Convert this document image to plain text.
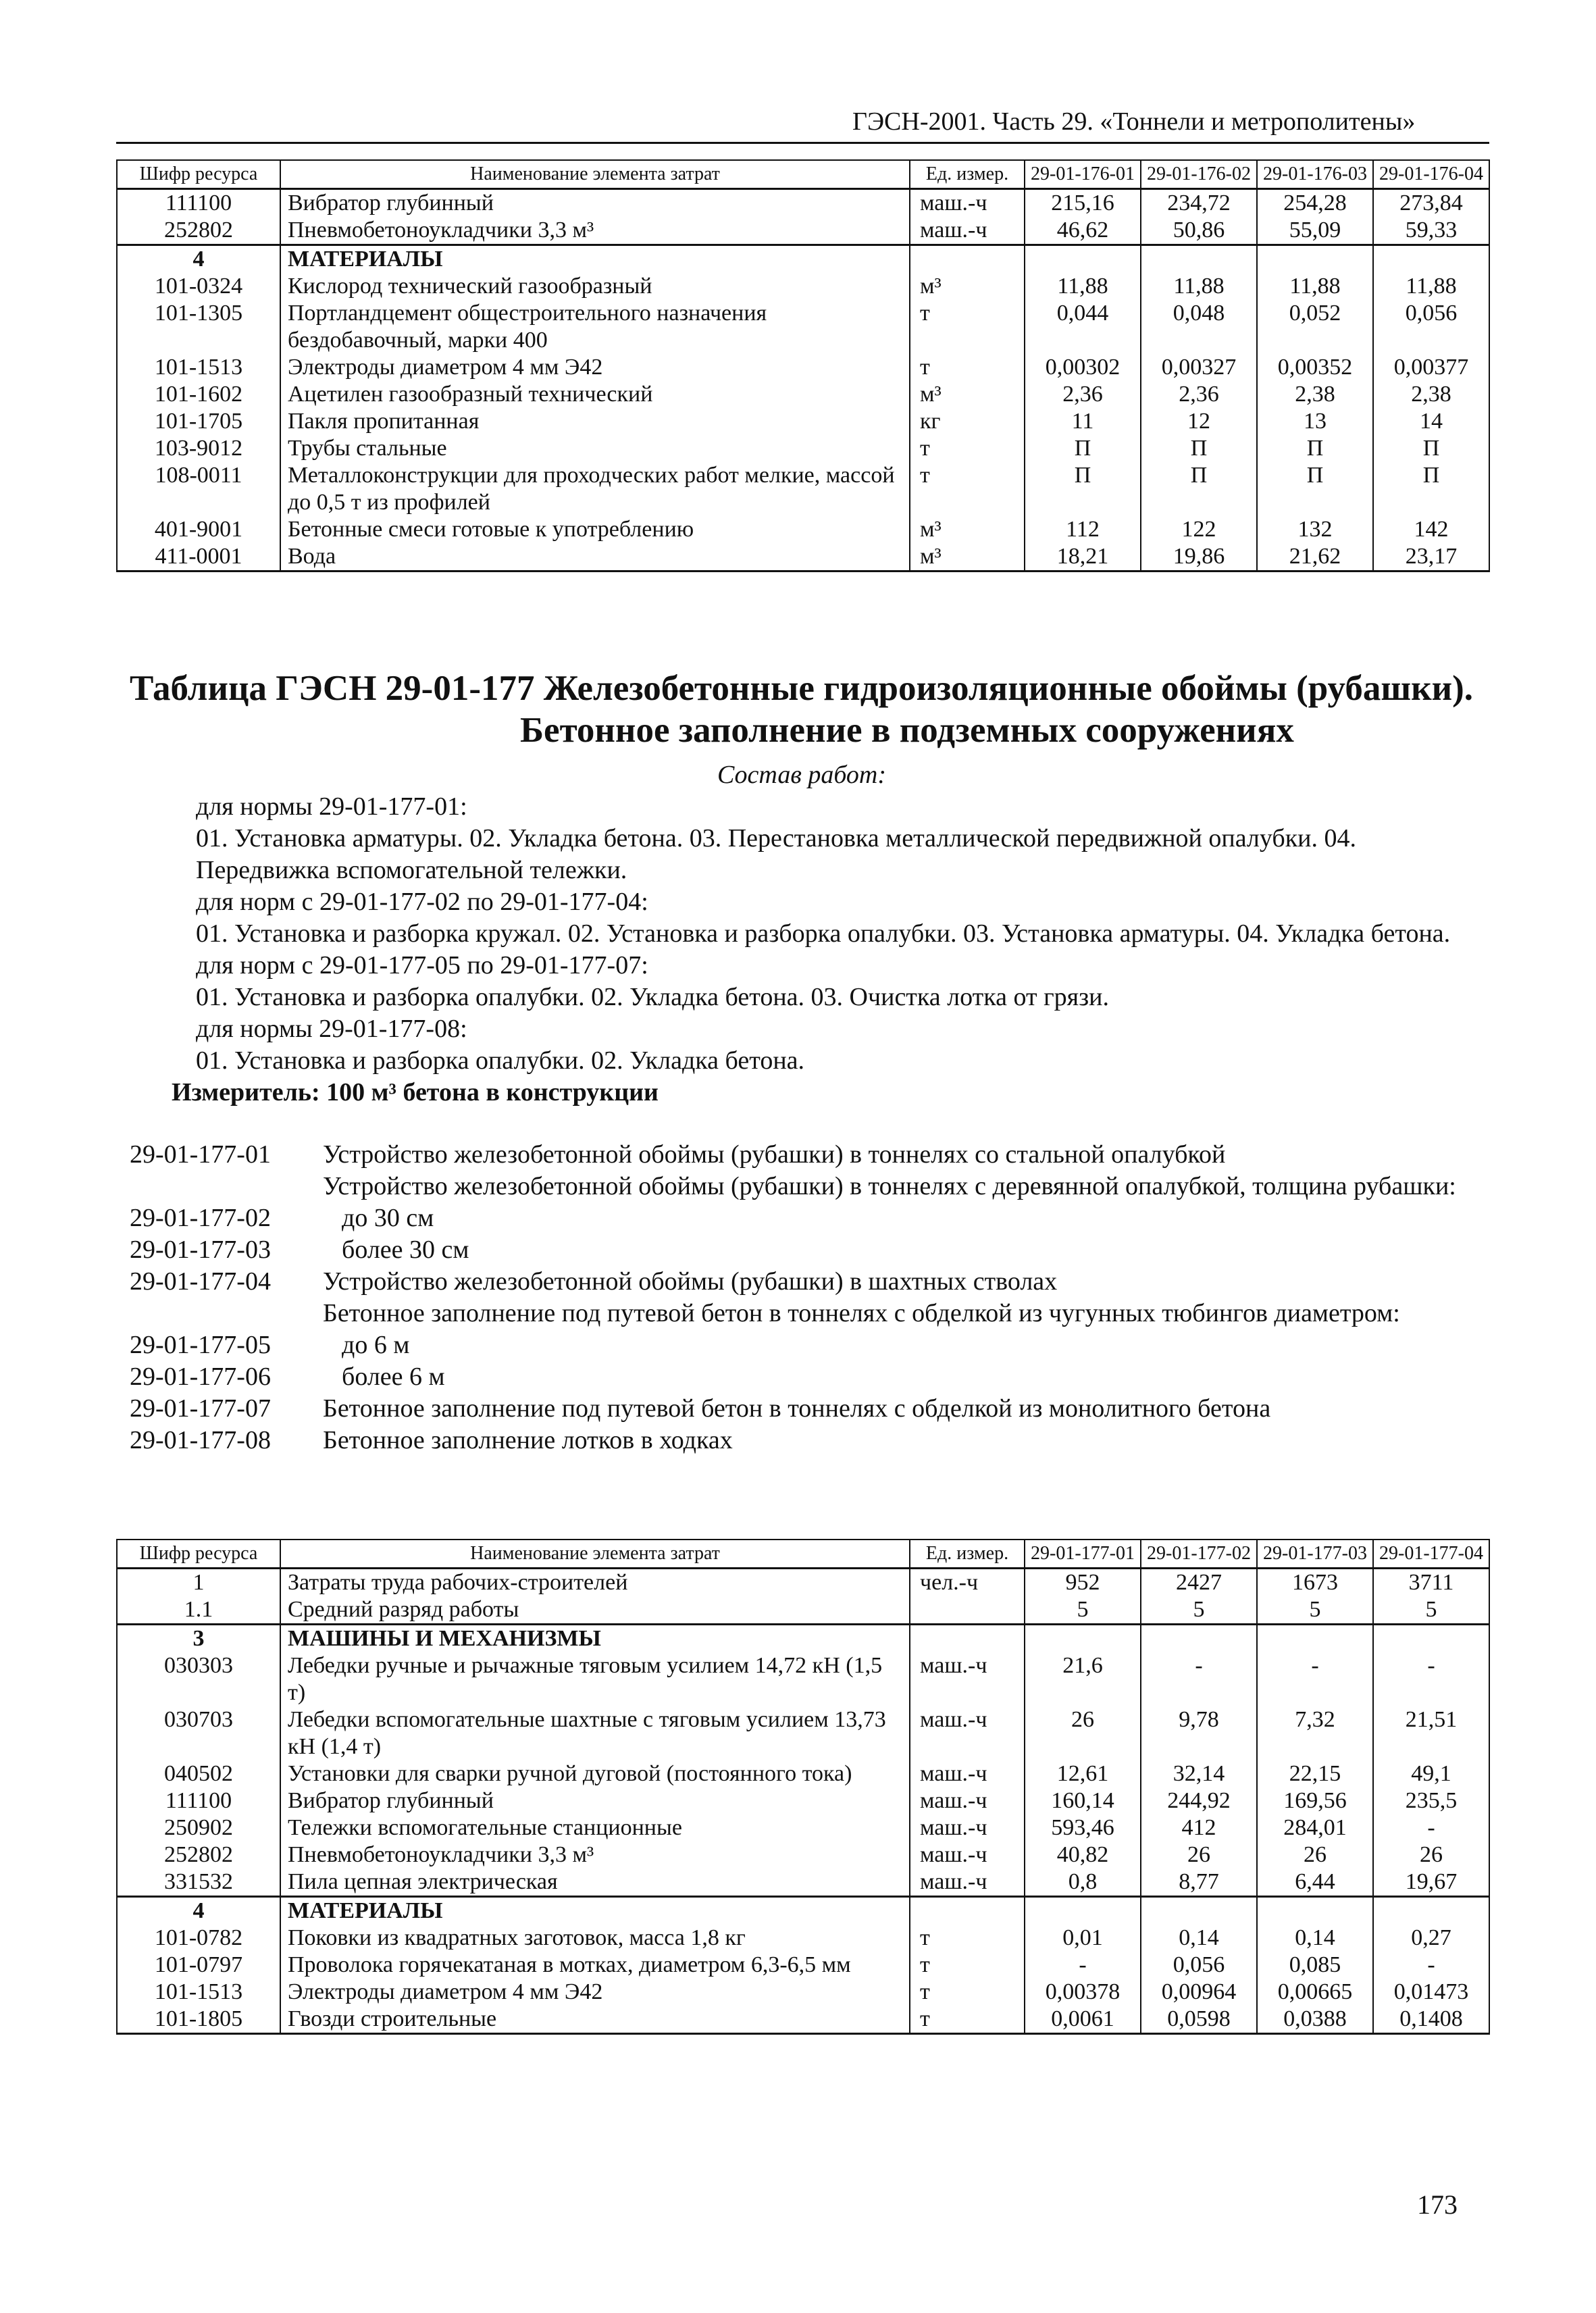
ГЭСН-2001. Часть 29. «Тоннели и метрополитены»
Шифр ресурса	Наименование элемента затрат	Ед. измер.	29-01-176-01	29-01-176-02	29-01-176-03	29-01-176-04
111100	Вибратор глубинный	маш.-ч	215,16	234,72	254,28	273,84
252802	Пневмобетоноукладчики 3,3 м³	маш.-ч	46,62	50,86	55,09	59,33
4	МАТЕРИАЛЫ					
101-0324	Кислород технический газообразный	м³	11,88	11,88	11,88	11,88
101-1305	Портландцемент общестроительного назначения бездобавочный, марки 400	т	0,044	0,048	0,052	0,056
101-1513	Электроды диаметром 4 мм Э42	т	0,00302	0,00327	0,00352	0,00377
101-1602	Ацетилен газообразный технический	м³	2,36	2,36	2,38	2,38
101-1705	Пакля пропитанная	кг	11	12	13	14
103-9012	Трубы стальные	т	П	П	П	П
108-0011	Металлоконструкции для проходческих работ мелкие, массой до 0,5 т из профилей	т	П	П	П	П
401-9001	Бетонные смеси готовые к употреблению	м³	112	122	132	142
411-0001	Вода	м³	18,21	19,86	21,62	23,17
Таблица ГЭСН 29-01-177 Железобетонные гидроизоляционные обоймы (рубашки).
Бетонное заполнение в подземных сооружениях

Состав работ:

для нормы 29-01-177-01:

01. Установка арматуры. 02. Укладка бетона. 03. Перестановка металлической передвижной опалубки. 04. Передвижка вспомогательной тележки.

для норм с 29-01-177-02 по 29-01-177-04:

01. Установка и разборка кружал. 02. Установка и разборка опалубки. 03. Установка арматуры. 04. Укладка бетона.

для норм с 29-01-177-05 по 29-01-177-07:

01. Установка и разборка опалубки. 02. Укладка бетона. 03. Очистка лотка от грязи.

для нормы 29-01-177-08:

01. Установка и разборка опалубки. 02. Укладка бетона.

Измеритель: 100 м³ бетона в конструкции

29-01-177-01	Устройство железобетонной обоймы (рубашки) в тоннелях со стальной опалубкой
Устройство железобетонной обоймы (рубашки) в тоннелях с деревянной опалубкой, толщина рубашки:
29-01-177-02	до 30 см
29-01-177-03	более 30 см
29-01-177-04	Устройство железобетонной обоймы (рубашки) в шахтных стволах
Бетонное заполнение под путевой бетон в тоннелях с обделкой из чугунных тюбингов диаметром:
29-01-177-05	до 6 м
29-01-177-06	более 6 м
29-01-177-07	Бетонное заполнение под путевой бетон в тоннелях с обделкой из монолитного бетона
29-01-177-08	Бетонное заполнение лотков в ходках
Шифр ресурса	Наименование элемента затрат	Ед. измер.	29-01-177-01	29-01-177-02	29-01-177-03	29-01-177-04
1	Затраты труда рабочих-строителей	чел.-ч	952	2427	1673	3711
1.1	Средний разряд работы		5	5	5	5
3	МАШИНЫ И МЕХАНИЗМЫ					
030303	Лебедки ручные и рычажные тяговым усилием 14,72 кН (1,5 т)	маш.-ч	21,6	-	-	-
030703	Лебедки вспомогательные шахтные с тяговым усилием 13,73 кН (1,4 т)	маш.-ч	26	9,78	7,32	21,51
040502	Установки для сварки ручной дуговой (постоянного тока)	маш.-ч	12,61	32,14	22,15	49,1
111100	Вибратор глубинный	маш.-ч	160,14	244,92	169,56	235,5
250902	Тележки вспомогательные станционные	маш.-ч	593,46	412	284,01	-
252802	Пневмобетоноукладчики 3,3 м³	маш.-ч	40,82	26	26	26
331532	Пила цепная электрическая	маш.-ч	0,8	8,77	6,44	19,67
4	МАТЕРИАЛЫ					
101-0782	Поковки из квадратных заготовок, масса 1,8 кг	т	0,01	0,14	0,14	0,27
101-0797	Проволока горячекатаная в мотках, диаметром 6,3-6,5 мм	т	-	0,056	0,085	-
101-1513	Электроды диаметром 4 мм Э42	т	0,00378	0,00964	0,00665	0,01473
101-1805	Гвозди строительные	т	0,0061	0,0598	0,0388	0,1408
173
